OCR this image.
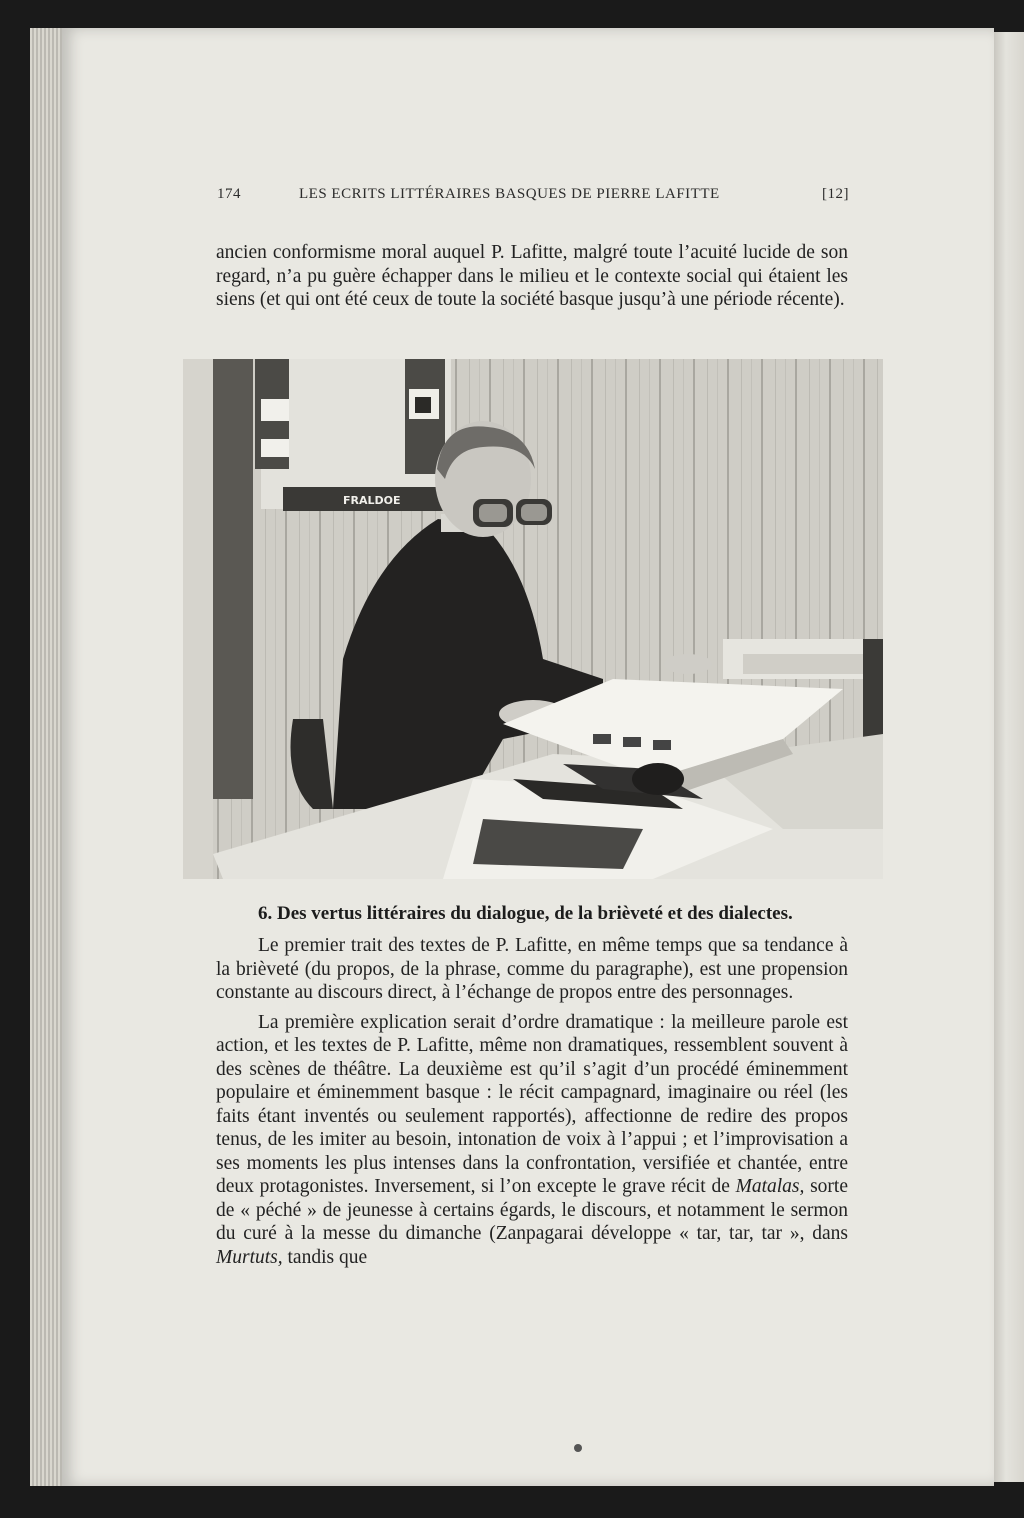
174	LES ECRITS LITTÉRAIRES BASQUES DE PIERRE LAFITTE	[12]

ancien conformisme moral auquel P. Lafitte, malgré toute l’acuité lucide de son regard, n’a pu guère échapper dans le milieu et le contexte social qui étaient les siens (et qui ont été ceux de toute la société basque jusqu’à une période récente).

FRALDOE
6. Des vertus littéraires du dialogue, de la brièveté et des dialectes.

Le premier trait des textes de P. Lafitte, en même temps que sa tendance à la brièveté (du propos, de la phrase, comme du paragraphe), est une propension constante au discours direct, à l’échange de propos entre des personnages.

La première explication serait d’ordre dramatique : la meilleure parole est action, et les textes de P. Lafitte, même non dramatiques, ressemblent souvent à des scènes de théâtre. La deuxième est qu’il s’agit d’un procédé éminemment populaire et éminemment basque : le récit campagnard, imaginaire ou réel (les faits étant inventés ou seulement rapportés), affectionne de redire des propos tenus, de les imiter au besoin, intonation de voix à l’appui ; et l’improvisation a ses moments les plus intenses dans la confrontation, versifiée et chantée, entre deux protagonistes. Inversement, si l’on excepte le grave récit de Matalas, sorte de « péché » de jeunesse à certains égards, le discours, et notamment le sermon du curé à la messe du dimanche (Zanpagarai développe « tar, tar, tar », dans Murtuts, tandis que
